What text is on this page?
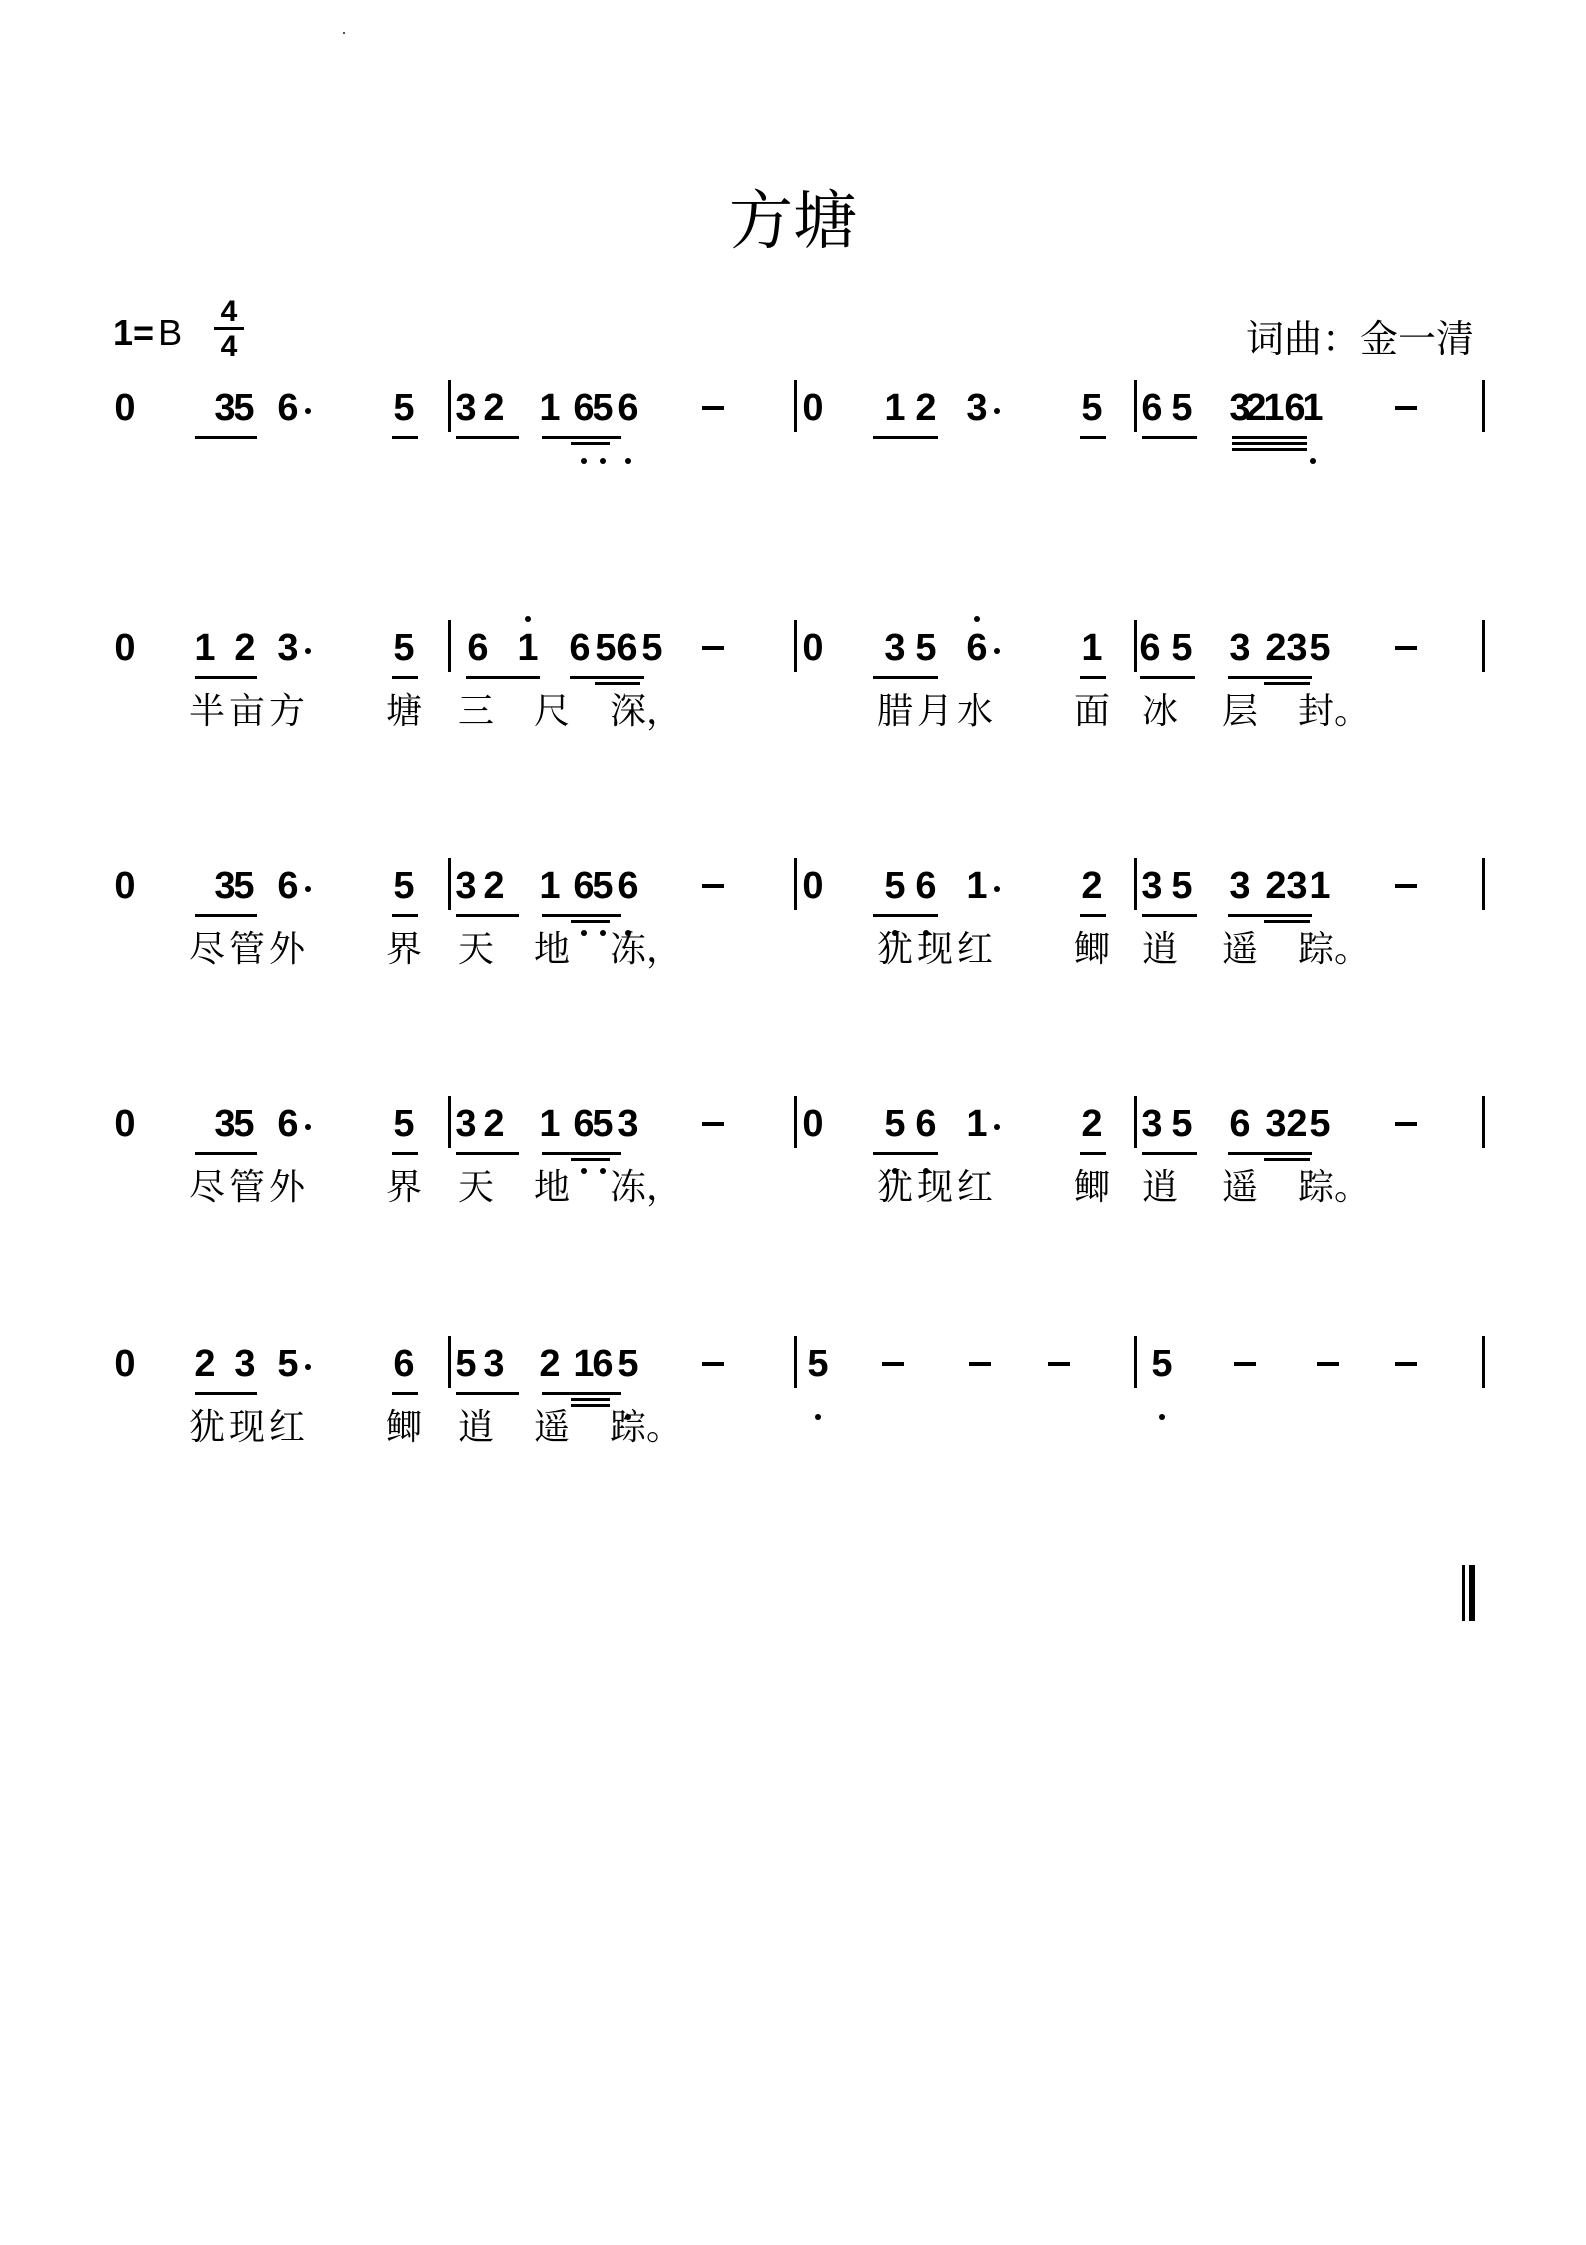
方塘
1= B $\frac{4}{4}$	词曲：金一清
0 3
5 6 5 3 2 1 6
5 6	0 1 2 3 5 6 5 3
2
1 6
1
0 1 2 3 5 6 1 6 5 6 5	0 3 5 6 1 6 5 3 2 3 5
半 亩 方 塘 三 尺 深，	腊 月 水 面 冰 层 封。
0 3
5 6 5 3 2 1 6
5 6	0 5 6 1 2 3 5 3 2 3 1
尽 管 外 界 天 地 冻，	犹 现 红 鲫 逍 遥 踪。
0 3
5 6 5 3 2 1 6
5 3	0 5 6 1 2 3 5 6 3 2 5
尽 管 外 界 天 地 冻，	犹 现 红 鲫 逍 遥 踪。
0 2 3 5 6 5 3 2 1
6 5	5	5
犹 现 红 鲫 逍 遥 踪。
